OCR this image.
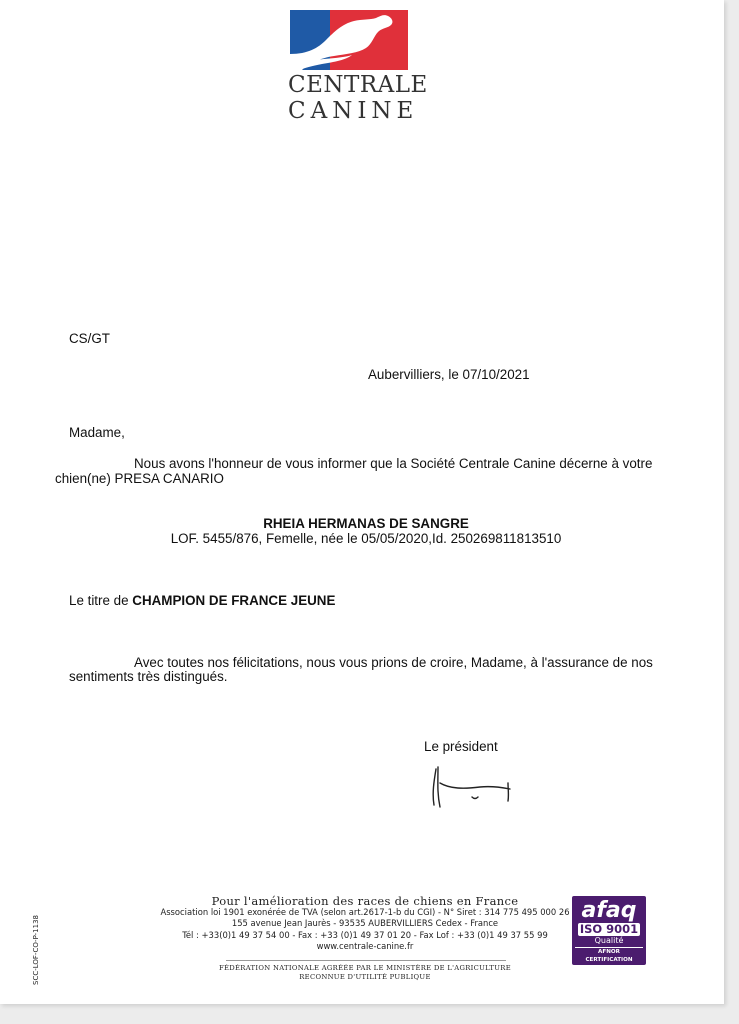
CENTRALE
CANINE
CS/GT
Aubervilliers, le 07/10/2021
Madame,
Nous avons l'honneur de vous informer que la Société Centrale Canine décerne à votre
chien(ne) PRESA CANARIO
RHEIA HERMANAS DE SANGRE
LOF. 5455/876, Femelle, née le 05/05/2020,Id. 250269811813510
Le titre de CHAMPION DE FRANCE JEUNE
Avec toutes nos félicitations, nous vous prions de croire, Madame, à l'assurance de nos
sentiments très distingués.
Le président
Pour l'amélioration des races de chiens en France
Association loi 1901 exonérée de TVA (selon art.2617-1-b du CGI) - N° Siret : 314 775 495 000 26
155 avenue Jean Jaurès - 93535 AUBERVILLIERS Cedex - France
Tél : +33(0)1 49 37 54 00 - Fax : +33 (0)1 49 37 01 20 - Fax Lof : +33 (0)1 49 37 55 99
www.centrale-canine.fr
FÉDÉRATION NATIONALE AGRÉÉE PAR LE MINISTÈRE DE L'AGRICULTURE
RECONNUE D'UTILITÉ PUBLIQUE
afaq
ISO 9001
Qualité
AFNOR CERTIFICATION
SCC-LOF-CO-P-1138
